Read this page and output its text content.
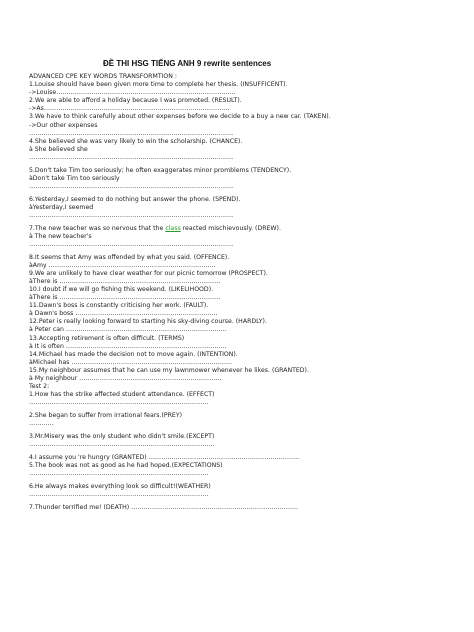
ĐỀ THI HSG TIẾNG ANH 9 rewrite sentences
ADVANCED CPE KEY WORDS TRANSFORMTION :
1.Louise should have been given more time to complete her thesis. (INSUFFICENT).
->Louise……………………………………………………………………………
2.We are able to afford a holiday because I was promoted. (RESULT).
->As………………………………………………………………………………
3.We have to think carefully about other expenses before we decide to a buy a new car. (TAKEN).
->Our other expenses
………………………………………………………………………………………
4.She believed she was very likely to win the scholarship. (CHANCE).
à She believed she
………………………………………………………………………………………
5.Don't take Tim too seriously; he often exaggerates minor promblems (TENDENCY).
àDon't take Tim too seriously
………………………………………………………………………………………
6.Yesterday,I seemed to do nothing but answer the phone. (SPEND).
àYesterday,I seemed
………………………………………………………………………………………
7.The new teacher was so nervous that the class reacted mischievously. (DREW).
à The new teacher's
………………………………………………………………………………………
8.It seems that Amy was offended by what you said. (OFFENCE).
àAmy ………………………………………………………………………
9.We are unlikely to have clear weather for our picnic tomorrow (PROSPECT).
àThere is ……………………………………………………………………
10.I doubt if we will go fishing this weekend. (LIKELIHOOD).
àThere is ……………………………………………………………………
11.Dawn's boss is constantly criticising her work. (FAULT).
à Dawn's boss ……………………………………………………………
12.Peter is really looking forward to starting his sky-diving course. (HARDLY).
à Peter can ……………………………………………………………………
13.Accepting retirement is often difficult. (TERMS)
à It is often ……………………………………………………………………
14.Michael has made the decision not to move again. (INTENTION).
àMichael has ……………………………………………………………………
15.My neighbour assumes that he can use my lawnmower whenever he likes. (GRANTED).
à My neighbour ……………………………………………………………
Test 2:
1.How has the strike affected student attendance. (EFFECT)
……………………………………………………………………………
2.She began to suffer from irrational fears.(PREY)
…………
3.Mr.Misery was the only student who didn't smile.(EXCEPT)
………………………………………………………………………………
4.I assume you 're hungry (GRANTED) ……………………………………………………………….
5.The book was not as good as he had hoped.(EXPECTATIONS)
……………………………………………………………………………
6.He always makes everything look so difficult!(WEATHER)
……………………………………………………………………………
7.Thunder terrified me! (DEATH) ……………………………………………………………………...
